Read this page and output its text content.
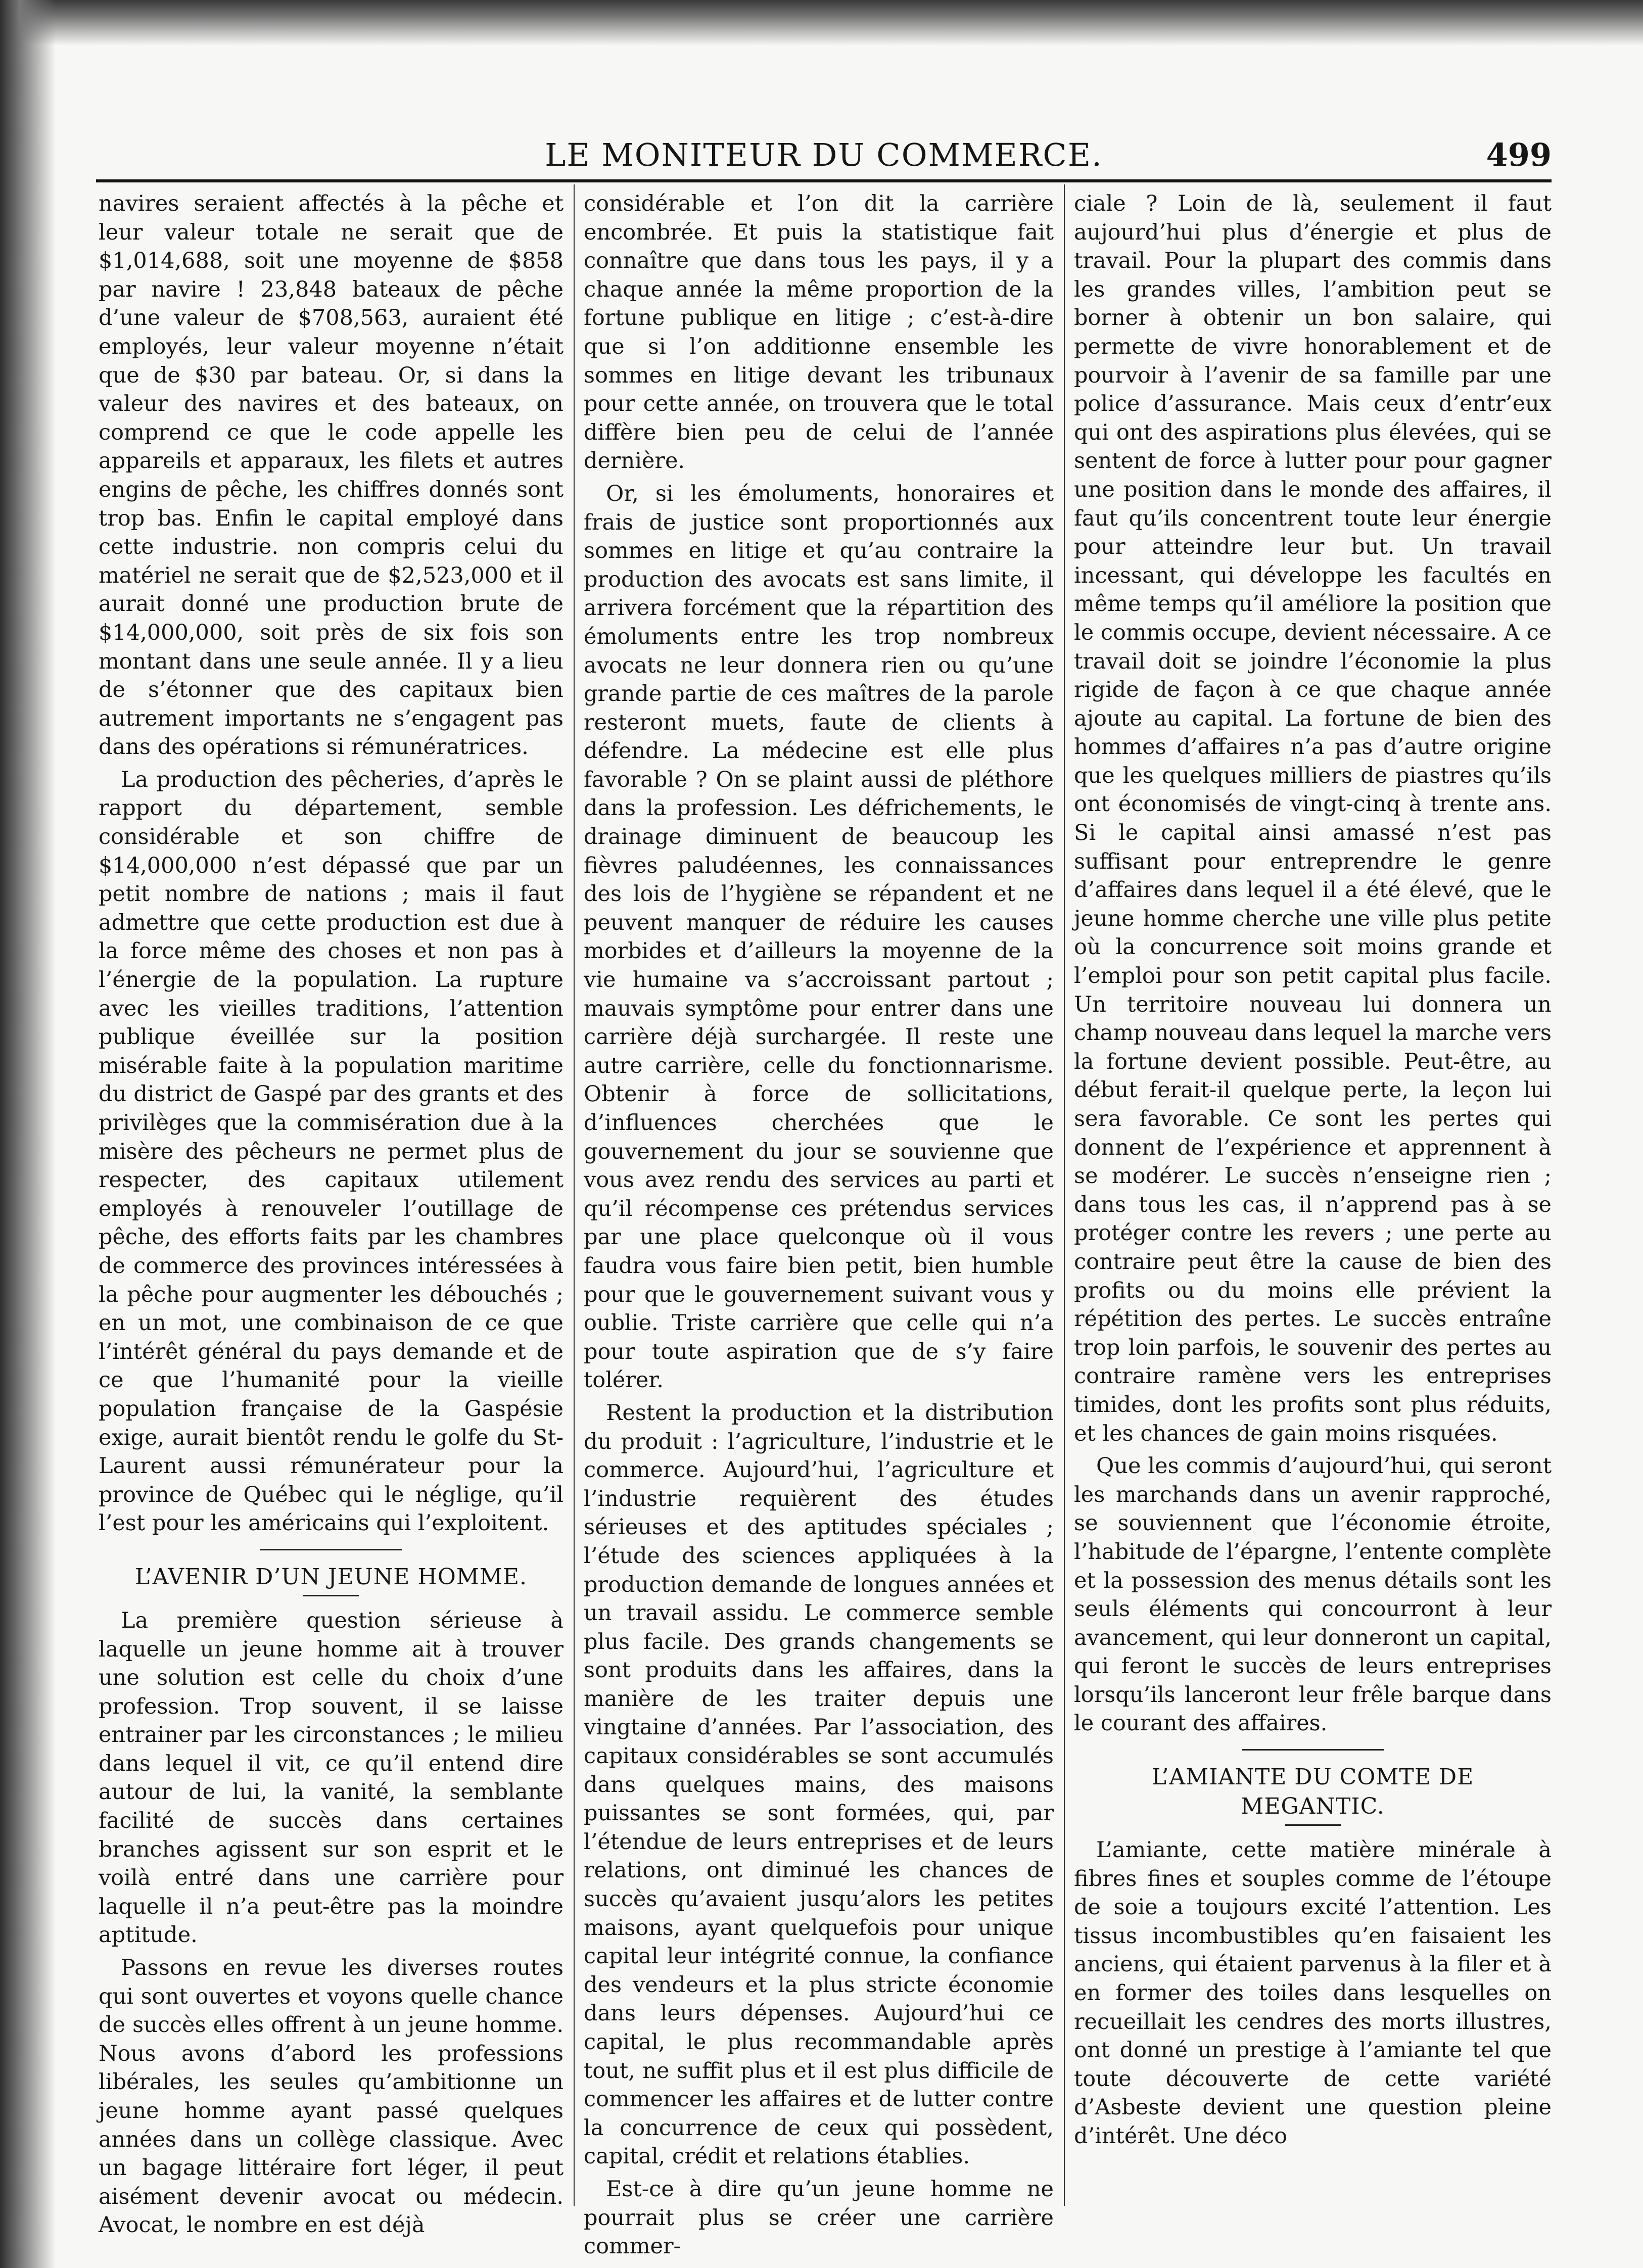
LE MONITEUR DU COMMERCE.	499

navires seraient affectés à la pêche et leur valeur totale ne serait que de $1,014,688, soit une moyenne de $858 par navire ! 23,848 bateaux de pêche d’une valeur de $708,563, auraient été employés, leur valeur moyenne n’était que de $30 par bateau. Or, si dans la valeur des navires et des bateaux, on comprend ce que le code appelle les appareils et apparaux, les filets et autres engins de pêche, les chiffres donnés sont trop bas. Enfin le capital employé dans cette industrie. non compris celui du matériel ne serait que de $2,523,000 et il aurait donné une production brute de $14,000,000, soit près de six fois son montant dans une seule année. Il y a lieu de s’étonner que des capitaux bien autrement importants ne s’engagent pas dans des opérations si rémunératrices.

La production des pêcheries, d’après le rapport du département, semble considérable et son chiffre de $14,000,000 n’est dépassé que par un petit nombre de nations ; mais il faut admettre que cette production est due à la force même des choses et non pas à l’énergie de la population. La rupture avec les vieilles traditions, l’attention publique éveillée sur la position misérable faite à la population maritime du district de Gaspé par des grants et des privilèges que la commisération due à la misère des pêcheurs ne permet plus de respecter, des capitaux utilement employés à renouveler l’outillage de pêche, des efforts faits par les chambres de commerce des provinces intéressées à la pêche pour augmenter les débouchés ; en un mot, une combinaison de ce que l’intérêt général du pays demande et de ce que l’humanité pour la vieille population française de la Gaspésie exige, aurait bientôt rendu le golfe du St-Laurent aussi rémunérateur pour la province de Québec qui le néglige, qu’il l’est pour les américains qui l’exploitent.

L’AVENIR D’UN JEUNE HOMME.

La première question sérieuse à laquelle un jeune homme ait à trouver une solution est celle du choix d’une profession. Trop souvent, il se laisse entrainer par les circonstances ; le milieu dans lequel il vit, ce qu’il entend dire autour de lui, la vanité, la semblante facilité de succès dans certaines branches agissent sur son esprit et le voilà entré dans une carrière pour laquelle il n’a peut-être pas la moindre aptitude.

Passons en revue les diverses routes qui sont ouvertes et voyons quelle chance de succès elles offrent à un jeune homme. Nous avons d’abord les professions libérales, les seules qu’ambitionne un jeune homme ayant passé quelques années dans un collège classique. Avec un bagage littéraire fort léger, il peut aisément devenir avocat ou médecin. Avocat, le nombre en est déjà

considérable et l’on dit la carrière encombrée. Et puis la statistique fait connaître que dans tous les pays, il y a chaque année la même proportion de la fortune publique en litige ; c’est-à-dire que si l’on additionne ensemble les sommes en litige devant les tribunaux pour cette année, on trouvera que le total diffère bien peu de celui de l’année dernière.

Or, si les émoluments, honoraires et frais de justice sont proportionnés aux sommes en litige et qu’au contraire la production des avocats est sans limite, il arrivera forcément que la répartition des émoluments entre les trop nombreux avocats ne leur donnera rien ou qu’une grande partie de ces maîtres de la parole resteront muets, faute de clients à défendre. La médecine est elle plus favorable ? On se plaint aussi de pléthore dans la profession. Les défrichements, le drainage diminuent de beaucoup les fièvres paludéennes, les connaissances des lois de l’hygiène se répandent et ne peuvent manquer de réduire les causes morbides et d’ailleurs la moyenne de la vie humaine va s’accroissant partout ; mauvais symptôme pour entrer dans une carrière déjà surchargée. Il reste une autre carrière, celle du fonctionnarisme. Obtenir à force de sollicitations, d’influences cherchées que le gouvernement du jour se souvienne que vous avez rendu des services au parti et qu’il récompense ces prétendus services par une place quelconque où il vous faudra vous faire bien petit, bien humble pour que le gouvernement suivant vous y oublie. Triste carrière que celle qui n’a pour toute aspiration que de s’y faire tolérer.

Restent la production et la distribution du produit : l’agriculture, l’industrie et le commerce. Aujourd’hui, l’agriculture et l’industrie requièrent des études sérieuses et des aptitudes spéciales ; l’étude des sciences appliquées à la production demande de longues années et un travail assidu. Le commerce semble plus facile. Des grands changements se sont produits dans les affaires, dans la manière de les traiter depuis une vingtaine d’années. Par l’association, des capitaux considérables se sont accumulés dans quelques mains, des maisons puissantes se sont formées, qui, par l’étendue de leurs entreprises et de leurs relations, ont diminué les chances de succès qu’avaient jusqu’alors les petites maisons, ayant quelquefois pour unique capital leur intégrité connue, la confiance des vendeurs et la plus stricte économie dans leurs dépenses. Aujourd’hui ce capital, le plus recommandable après tout, ne suffit plus et il est plus difficile de commencer les affaires et de lutter contre la concurrence de ceux qui possèdent, capital, crédit et relations établies.

Est-ce à dire qu’un jeune homme ne pourrait plus se créer une carrière commer-

ciale ? Loin de là, seulement il faut aujourd’hui plus d’énergie et plus de travail. Pour la plupart des commis dans les grandes villes, l’ambition peut se borner à obtenir un bon salaire, qui permette de vivre honorablement et de pourvoir à l’avenir de sa famille par une police d’assurance. Mais ceux d’entr’eux qui ont des aspirations plus élevées, qui se sentent de force à lutter pour pour gagner une position dans le monde des affaires, il faut qu’ils concentrent toute leur énergie pour atteindre leur but. Un travail incessant, qui développe les facultés en même temps qu’il améliore la position que le commis occupe, devient nécessaire. A ce travail doit se joindre l’économie la plus rigide de façon à ce que chaque année ajoute au capital. La fortune de bien des hommes d’affaires n’a pas d’autre origine que les quelques milliers de piastres qu’ils ont économisés de vingt-cinq à trente ans. Si le capital ainsi amassé n’est pas suffisant pour entreprendre le genre d’affaires dans lequel il a été élevé, que le jeune homme cherche une ville plus petite où la concurrence soit moins grande et l’emploi pour son petit capital plus facile. Un territoire nouveau lui donnera un champ nouveau dans lequel la marche vers la fortune devient possible. Peut-être, au début ferait-il quelque perte, la leçon lui sera favorable. Ce sont les pertes qui donnent de l’expérience et apprennent à se modérer. Le succès n’enseigne rien ; dans tous les cas, il n’apprend pas à se protéger contre les revers ; une perte au contraire peut être la cause de bien des profits ou du moins elle prévient la répétition des pertes. Le succès entraîne trop loin parfois, le souvenir des pertes au contraire ramène vers les entreprises timides, dont les profits sont plus réduits, et les chances de gain moins risquées.

Que les commis d’aujourd’hui, qui seront les marchands dans un avenir rapproché, se souviennent que l’économie étroite, l’habitude de l’épargne, l’entente complète et la possession des menus détails sont les seuls éléments qui concourront à leur avancement, qui leur donneront un capital, qui feront le succès de leurs entreprises lorsqu’ils lanceront leur frêle barque dans le courant des affaires.

L’AMIANTE DU COMTE DE
MEGANTIC.

L’amiante, cette matière minérale à fibres fines et souples comme de l’étoupe de soie a toujours excité l’attention. Les tissus incombustibles qu’en faisaient les anciens, qui étaient parvenus à la filer et à en former des toiles dans lesquelles on recueillait les cendres des morts illustres, ont donné un prestige à l’amiante tel que toute découverte de cette variété d’Asbeste devient une question pleine d’intérêt. Une déco
